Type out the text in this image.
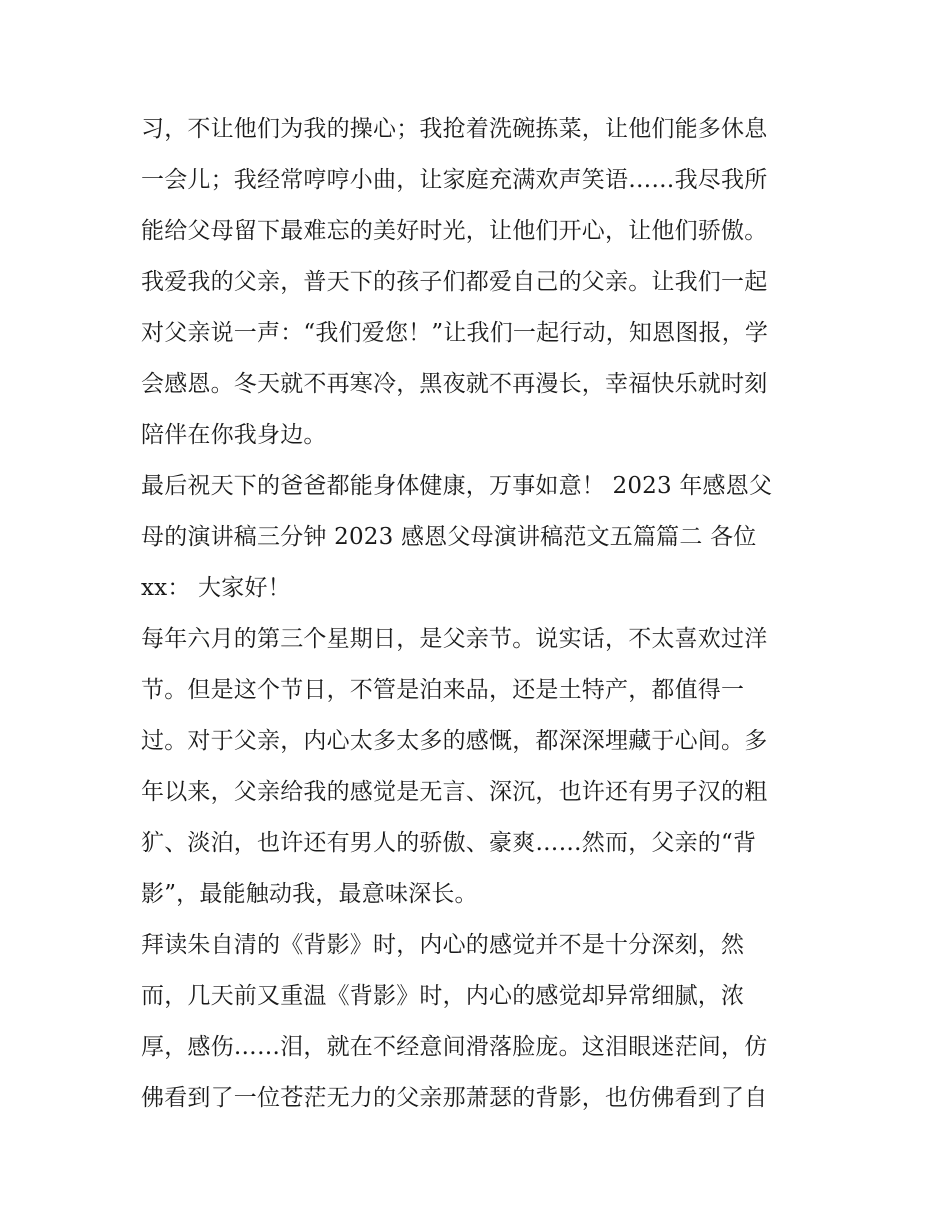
习，不让他们为我的操心；我抢着洗碗拣菜，让他们能多休息
一会儿；我经常哼哼小曲，让家庭充满欢声笑语……我尽我所
能给父母留下最难忘的美好时光，让他们开心，让他们骄傲。
我爱我的父亲，普天下的孩子们都爱自己的父亲。让我们一起
对父亲说一声：“我们爱您！”让我们一起行动，知恩图报，学
会感恩。冬天就不再寒冷，黑夜就不再漫长，幸福快乐就时刻
陪伴在你我身边。
最后祝天下的爸爸都能身体健康，万事如意！ 2023 年感恩父
母的演讲稿三分钟 2023 感恩父母演讲稿范文五篇篇二 各位
xx： 大家好！
每年六月的第三个星期日，是父亲节。说实话，不太喜欢过洋
节。但是这个节日，不管是泊来品，还是土特产，都值得一
过。对于父亲，内心太多太多的感慨，都深深埋藏于心间。多
年以来，父亲给我的感觉是无言、深沉，也许还有男子汉的粗
犷、淡泊，也许还有男人的骄傲、豪爽……然而，父亲的“背
影”，最能触动我，最意味深长。
拜读朱自清的《背影》时，内心的感觉并不是十分深刻，然
而，几天前又重温《背影》时，内心的感觉却异常细腻，浓
厚，感伤……泪，就在不经意间滑落脸庞。这泪眼迷茫间，仿
佛看到了一位苍茫无力的父亲那萧瑟的背影，也仿佛看到了自
